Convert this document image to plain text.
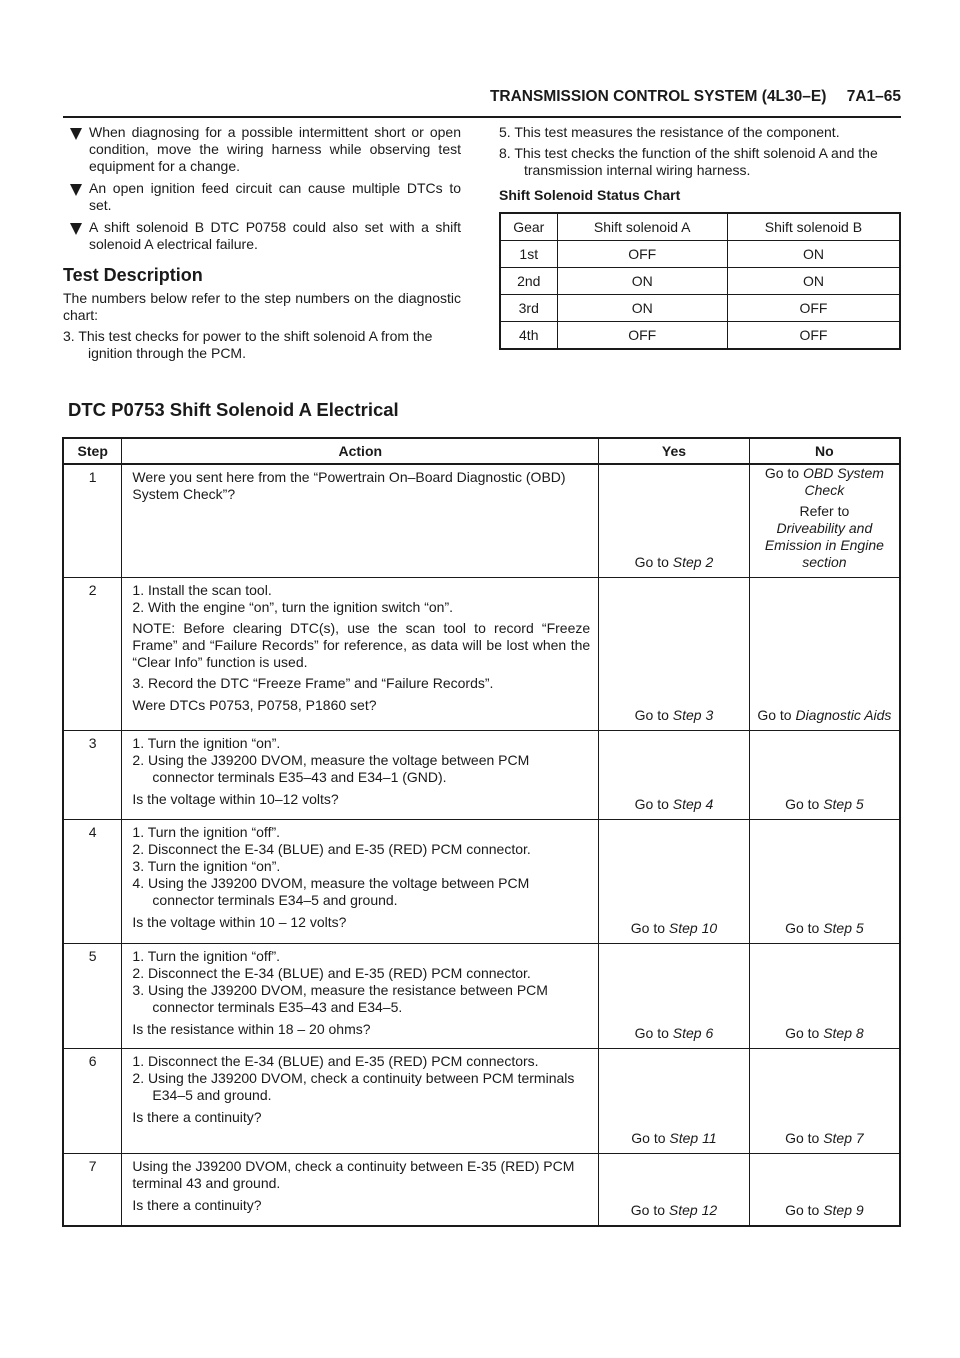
TRANSMISSION CONTROL SYSTEM (4L30–E) 7A1–65
When diagnosing for a possible intermittent short or open condition, move the wiring harness while observing test equipment for a change.
An open ignition feed circuit can cause multiple DTCs to set.
A shift solenoid B DTC P0758 could also set with a shift solenoid A electrical failure.
Test Description
The numbers below refer to the step numbers on the diagnostic chart:
3. This test checks for power to the shift solenoid A from the ignition through the PCM.
5. This test measures the resistance of the component.
8. This test checks the function of the shift solenoid A and the transmission internal wiring harness.
Shift Solenoid Status Chart
Gear	Shift solenoid A	Shift solenoid B
1st	OFF	ON
2nd	ON	ON
3rd	ON	OFF
4th	OFF	OFF
DTC P0753 Shift Solenoid A Electrical
Step	Action	Yes	No
1	Were you sent here from the “Powertrain On–Board Diagnostic (OBD) System Check”?	Go to Step 2	Go to OBD System Check
Refer to
Driveability and Emission in Engine section

2	1. Install the scan tool.
2. With the engine “on”, turn the ignition switch “on”.
NOTE: Before clearing DTC(s), use the scan tool to record “Freeze Frame” and “Failure Records” for reference, as data will be lost when the “Clear Info” function is used.
3. Record the DTC “Freeze Frame” and “Failure Records”.
Were DTCs P0753, P0758, P1860 set?	Go to Step 3	Go to Diagnostic Aids
3	1. Turn the ignition “on”.
2. Using the J39200 DVOM, measure the voltage between PCM connector terminals E35–43 and E34–1 (GND).
Is the voltage within 10–12 volts?	Go to Step 4	Go to Step 5
4	1. Turn the ignition “off”.
2. Disconnect the E-34 (BLUE) and E-35 (RED) PCM connector.
3. Turn the ignition “on”.
4. Using the J39200 DVOM, measure the voltage between PCM connector terminals E34–5 and ground.
Is the voltage within 10 – 12 volts?	Go to Step 10	Go to Step 5
5	1. Turn the ignition “off”.
2. Disconnect the E-34 (BLUE) and E-35 (RED) PCM connector.
3. Using the J39200 DVOM, measure the resistance between PCM connector terminals E35–43 and E34–5.
Is the resistance within 18 – 20 ohms?	Go to Step 6	Go to Step 8
6	1. Disconnect the E-34 (BLUE) and E-35 (RED) PCM connectors.
2. Using the J39200 DVOM, check a continuity between PCM terminals E34–5 and ground.
Is there a continuity?	Go to Step 11	Go to Step 7
7	Using the J39200 DVOM, check a continuity between E-35 (RED) PCM terminal 43 and ground.
Is there a continuity?	Go to Step 12	Go to Step 9
